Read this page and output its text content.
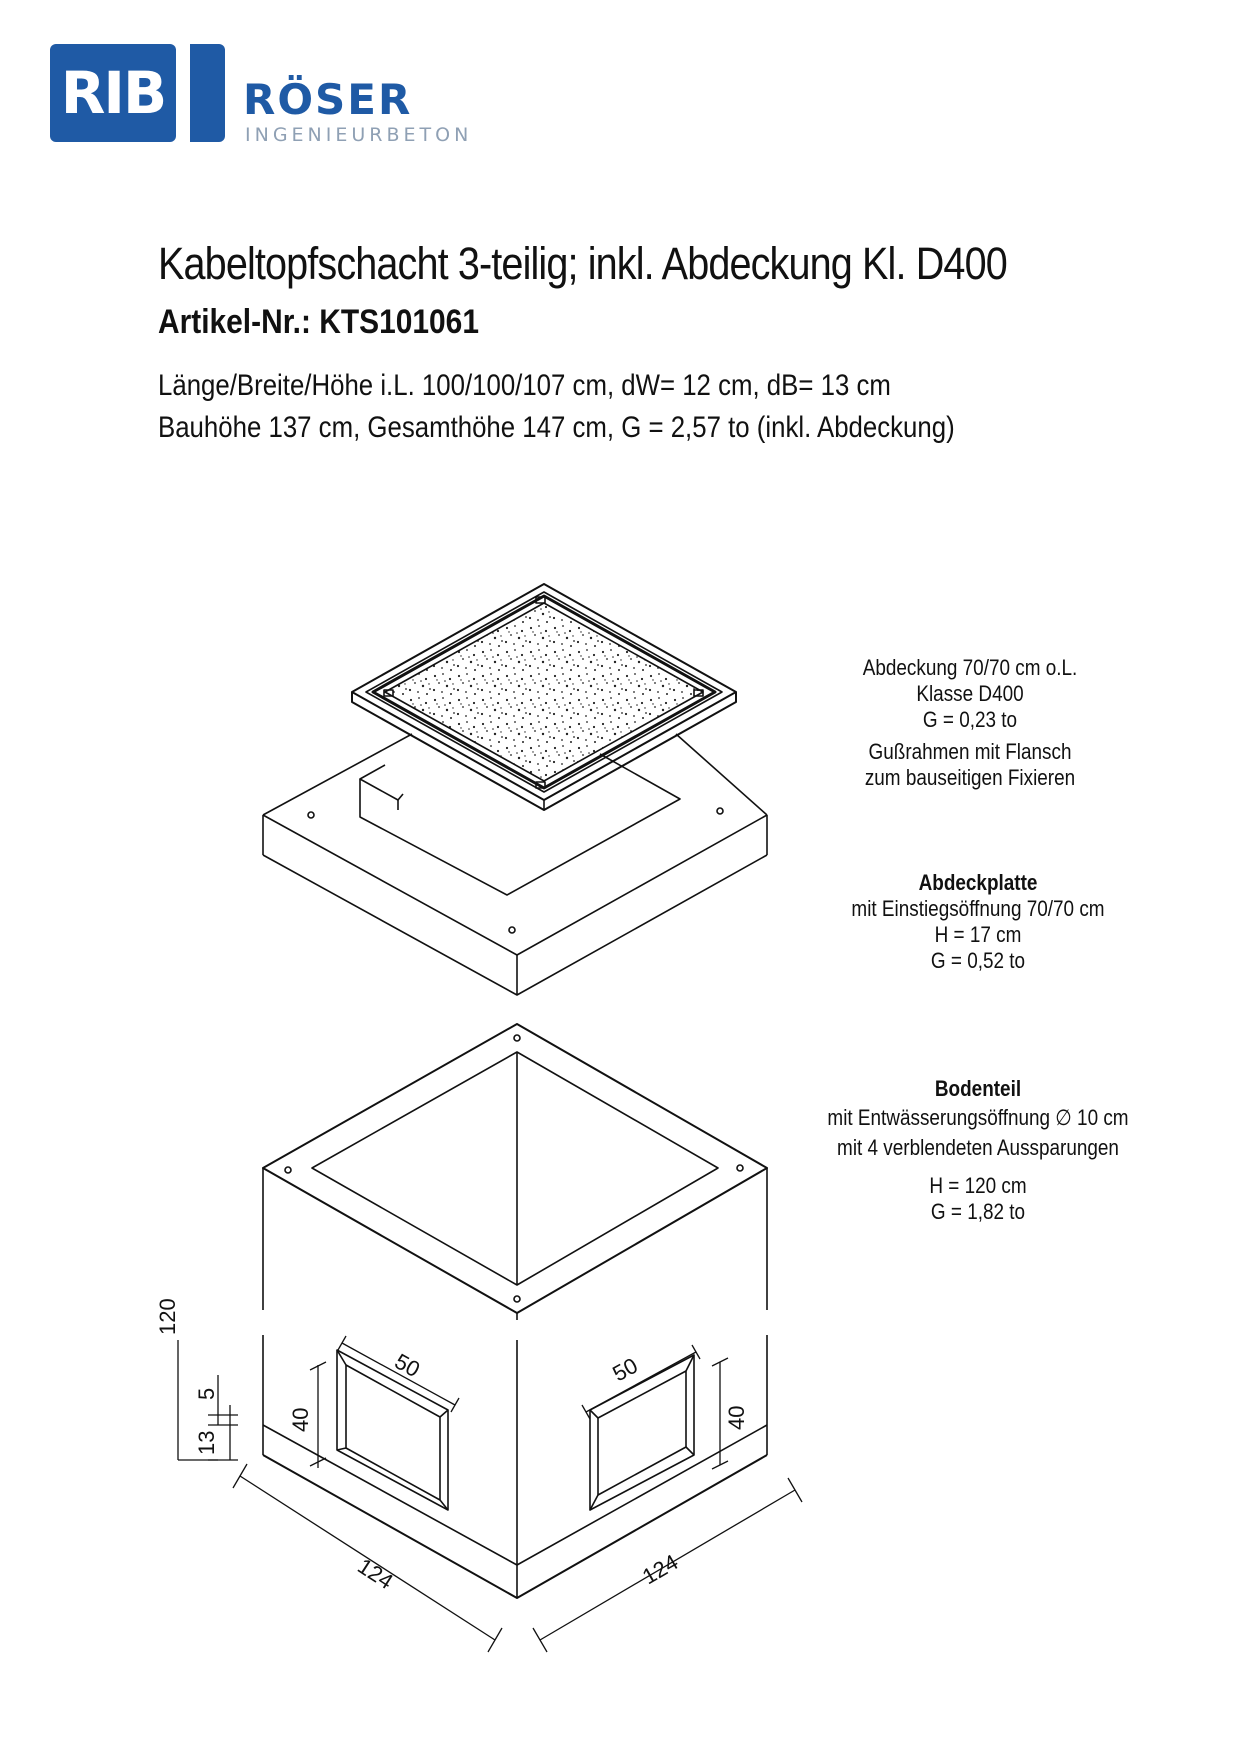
RIB RÖSER
INGENIEURBETON
Kabeltopfschacht 3-teilig; inkl. Abdeckung Kl. D400
Artikel-Nr.: KTS101061
Länge/Breite/Höhe i.L. 100/100/107 cm, dW= 12 cm, dB= 13 cm
Bauhöhe 137 cm, Gesamthöhe 147 cm, G = 2,57 to (inkl. Abdeckung)
120
5
13
40
50	50
40
124	124
Abdeckung 70/70 cm o.L.
Klasse D400
G = 0,23 to
Gußrahmen mit Flansch
zum bauseitigen Fixieren
Abdeckplatte
mit Einstiegsöffnung 70/70 cm
H = 17 cm
G = 0,52 to
Bodenteil
mit Entwässerungsöffnung ∅ 10 cm
mit 4 verblendeten Aussparungen
H = 120 cm
G = 1,82 to
